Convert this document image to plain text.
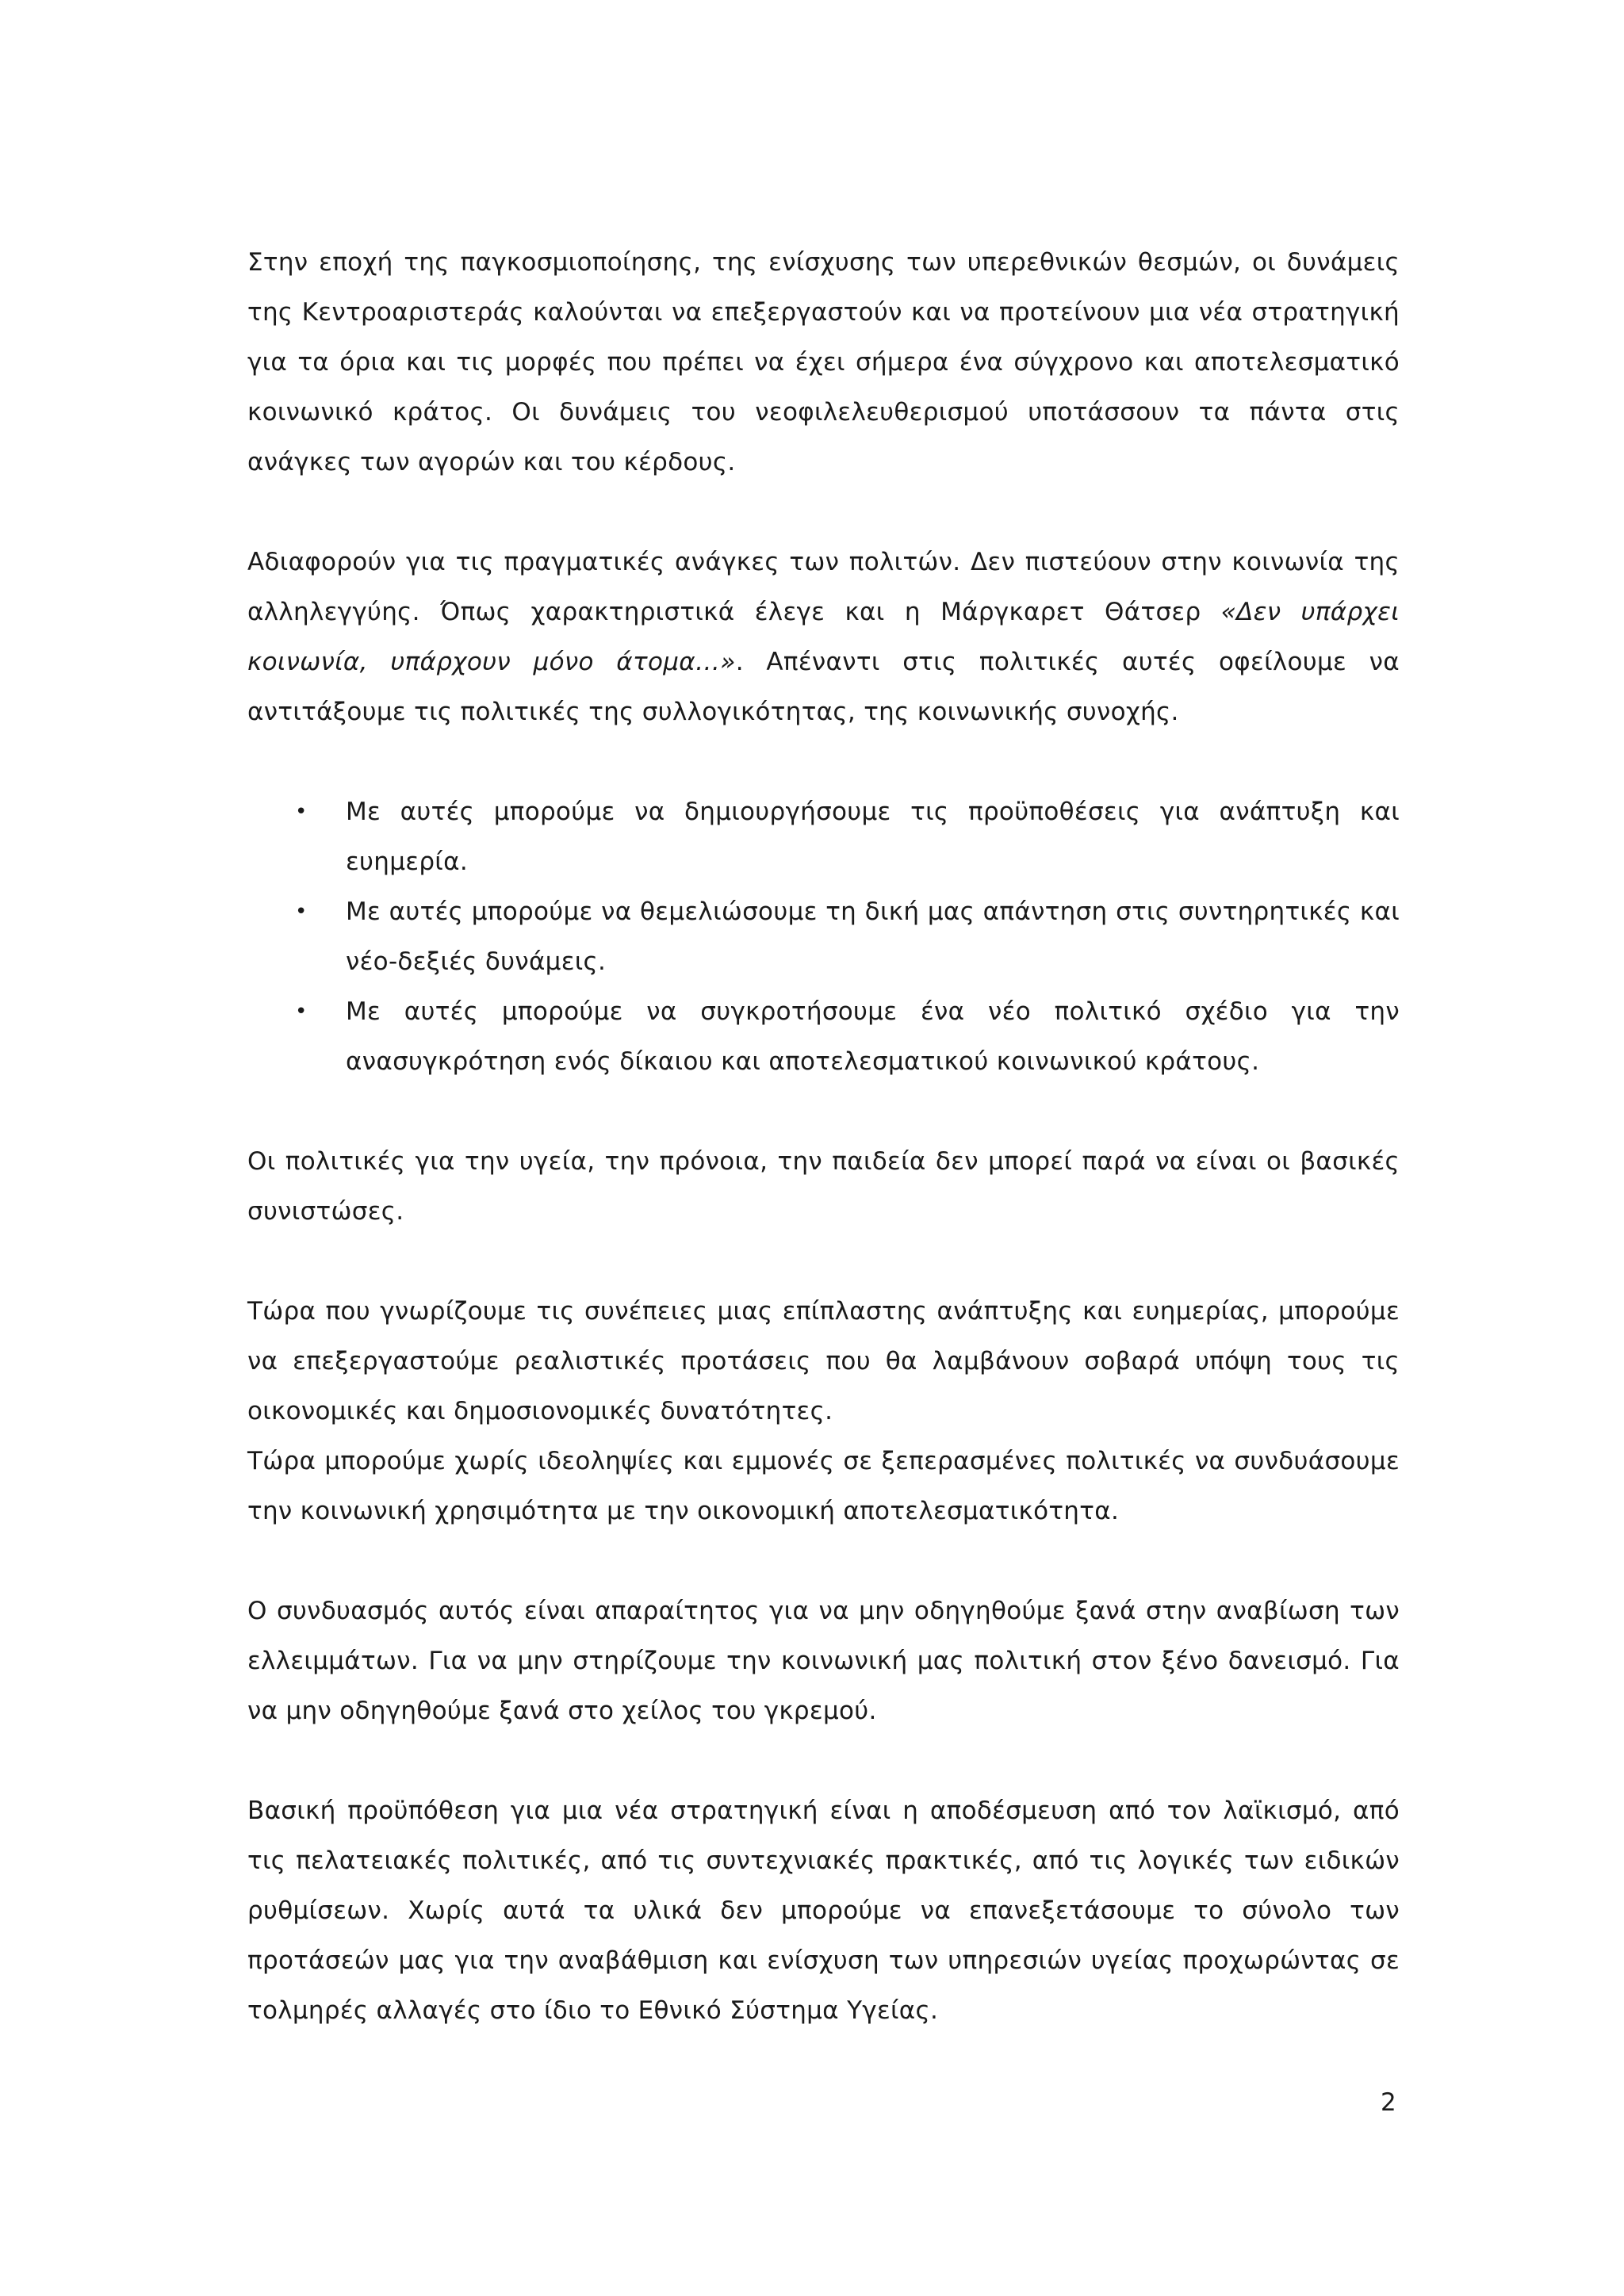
Στην εποχή της παγκοσμιοποίησης, της ενίσχυσης των υπερεθνικών θεσμών, οι δυνάμεις της Κεντροαριστεράς καλούνται να επεξεργαστούν και να προτείνουν μια νέα στρατηγική για τα όρια και τις μορφές που πρέπει να έχει σήμερα ένα σύγχρονο και αποτελεσματικό κοινωνικό κράτος. Οι δυνάμεις του νεοφιλελευθερισμού υποτάσσουν τα πάντα στις ανάγκες των αγορών και του κέρδους.

Αδιαφορούν για τις πραγματικές ανάγκες των πολιτών. Δεν πιστεύουν στην κοινωνία της αλληλεγγύης. Όπως χαρακτηριστικά έλεγε και η Μάργκαρετ Θάτσερ «Δεν υπάρχει κοινωνία, υπάρχουν μόνο άτομα…». Απέναντι στις πολιτικές αυτές οφείλουμε να αντιτάξουμε τις πολιτικές της συλλογικότητας, της κοινωνικής συνοχής.

• Με αυτές μπορούμε να δημιουργήσουμε τις προϋποθέσεις για ανάπτυξη και ευημερία.
• Με αυτές μπορούμε να θεμελιώσουμε τη δική μας απάντηση στις συντηρητικές και νέο-δεξιές δυνάμεις.
• Με αυτές μπορούμε να συγκροτήσουμε ένα νέο πολιτικό σχέδιο για την ανασυγκρότηση ενός δίκαιου και αποτελεσματικού κοινωνικού κράτους.

Οι πολιτικές για την υγεία, την πρόνοια, την παιδεία δεν μπορεί παρά να είναι οι βασικές συνιστώσες.

Τώρα που γνωρίζουμε τις συνέπειες μιας επίπλαστης ανάπτυξης και ευημερίας, μπορούμε να επεξεργαστούμε ρεαλιστικές προτάσεις που θα λαμβάνουν σοβαρά υπόψη τους τις οικονομικές και δημοσιονομικές δυνατότητες.

Τώρα μπορούμε χωρίς ιδεοληψίες και εμμονές σε ξεπερασμένες πολιτικές να συνδυάσουμε την κοινωνική χρησιμότητα με την οικονομική αποτελεσματικότητα.

Ο συνδυασμός αυτός είναι απαραίτητος για να μην οδηγηθούμε ξανά στην αναβίωση των ελλειμμάτων. Για να μην στηρίζουμε την κοινωνική μας πολιτική στον ξένο δανεισμό. Για να μην οδηγηθούμε ξανά στο χείλος του γκρεμού.

Βασική προϋπόθεση για μια νέα στρατηγική είναι η αποδέσμευση από τον λαϊκισμό, από τις πελατειακές πολιτικές, από τις συντεχνιακές πρακτικές, από τις λογικές των ειδικών ρυθμίσεων. Χωρίς αυτά τα υλικά δεν μπορούμε να επανεξετάσουμε το σύνολο των προτάσεών μας για την αναβάθμιση και ενίσχυση των υπηρεσιών υγείας προχωρώντας σε τολμηρές αλλαγές στο ίδιο το Εθνικό Σύστημα Υγείας.

2
